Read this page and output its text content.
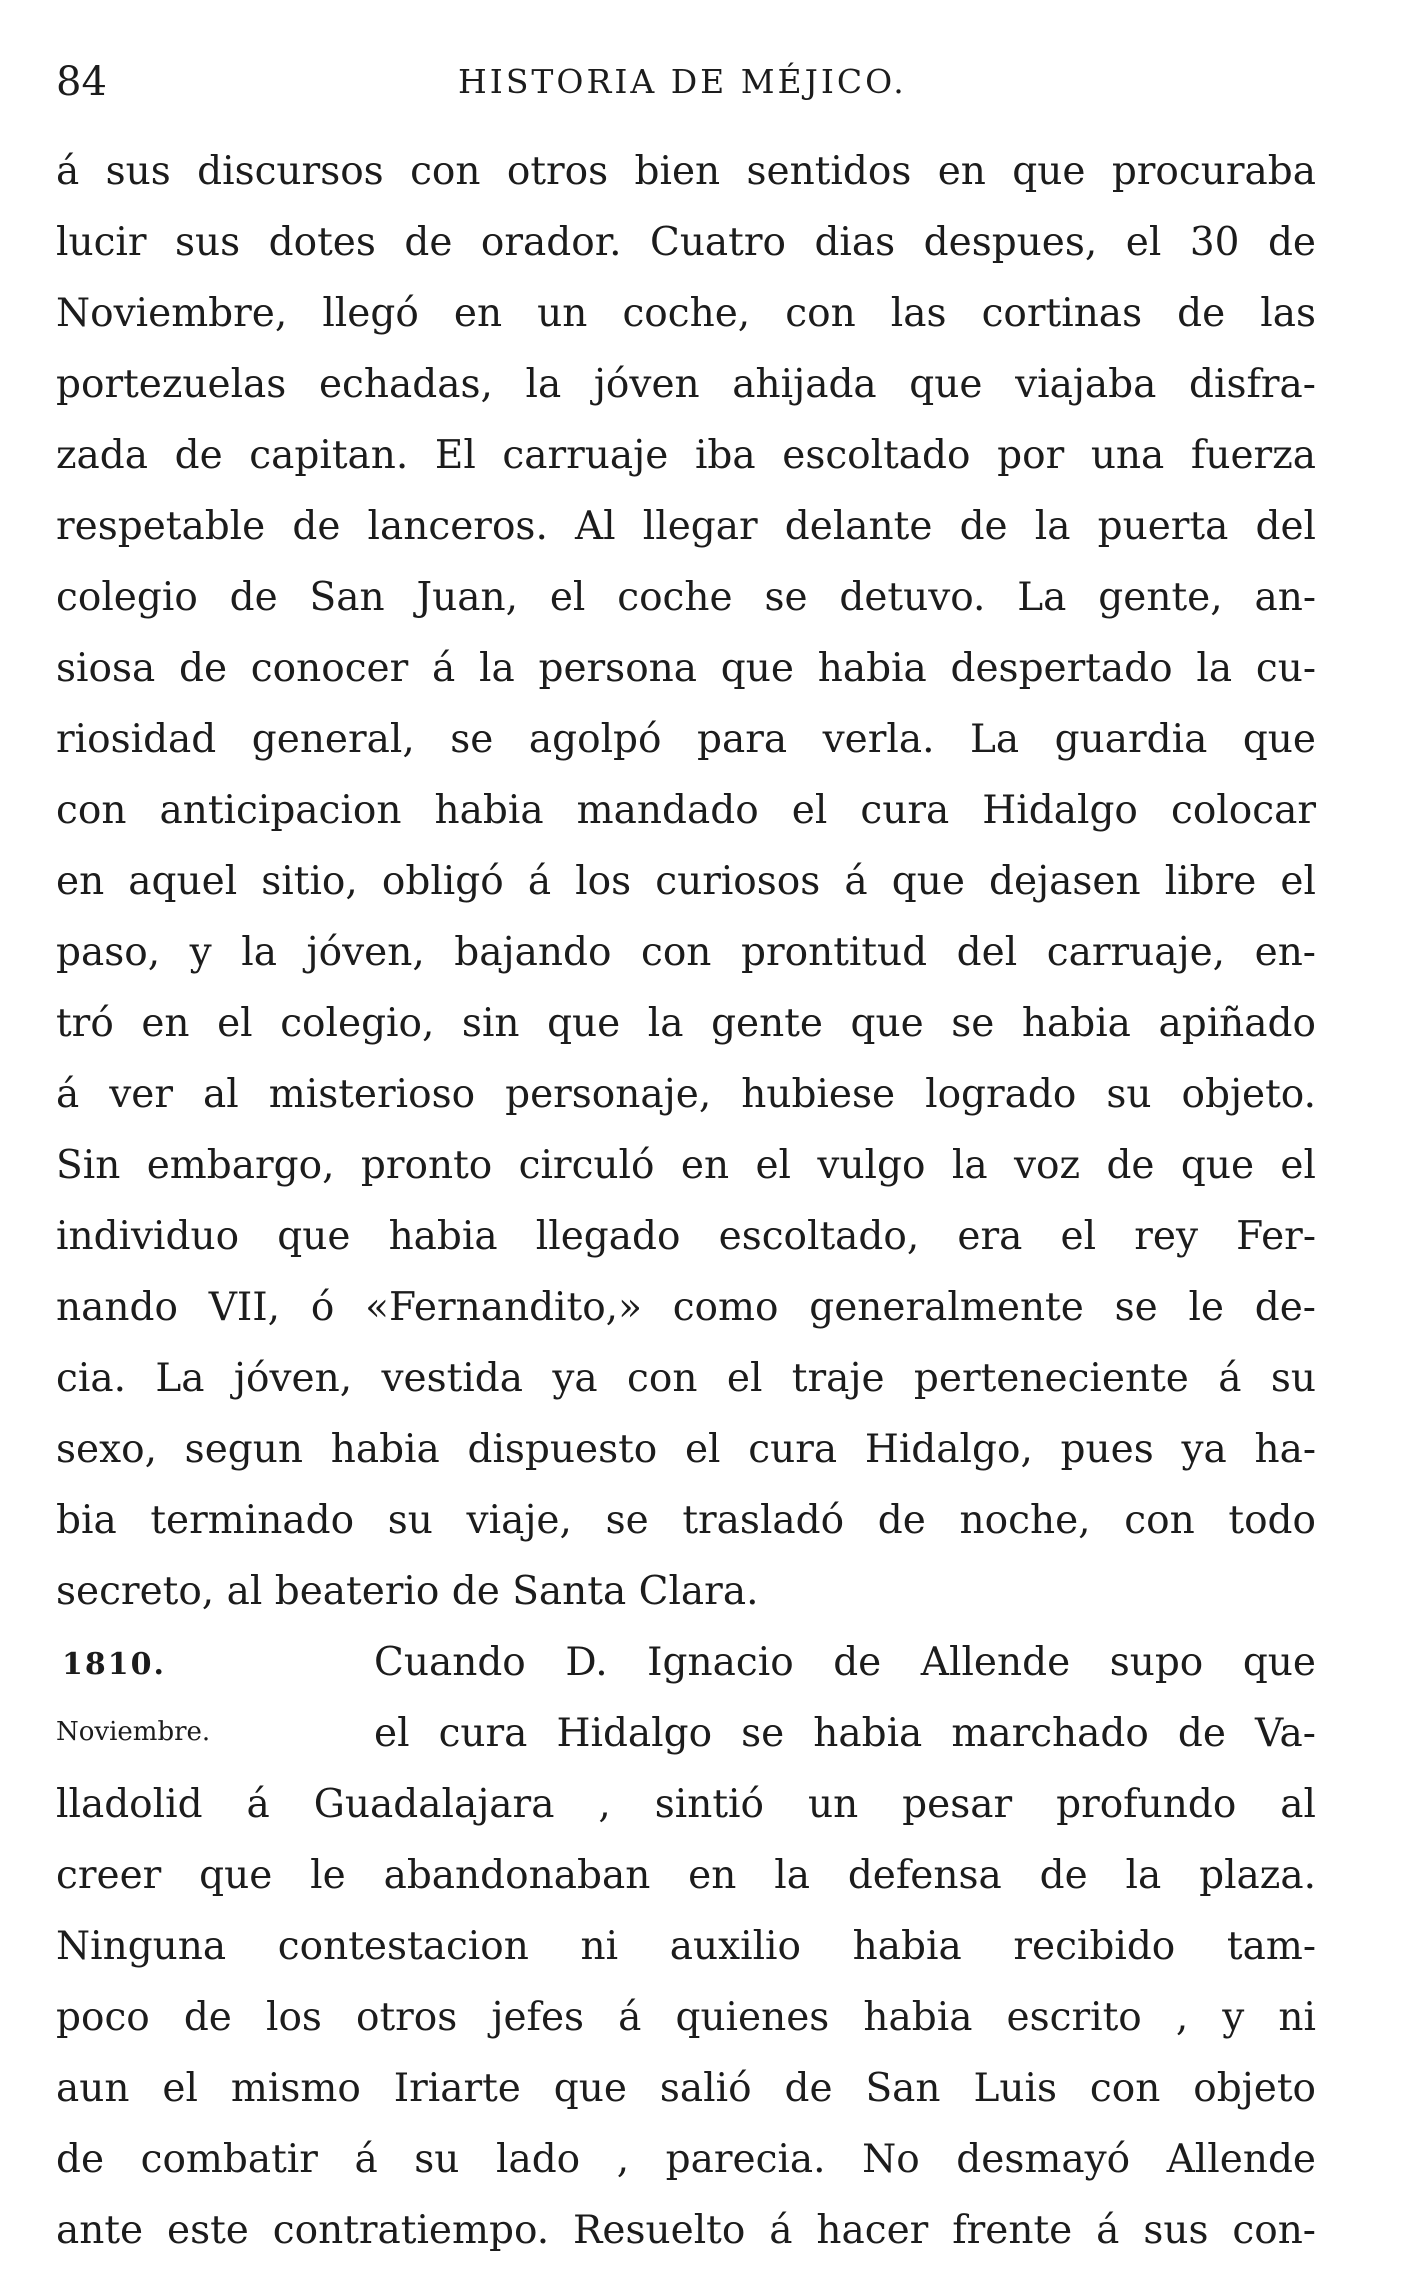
84	HISTORIA DE MÉJICO.
á sus discursos con otros bien sentidos en que procuraba
lucir sus dotes de orador. Cuatro dias despues, el 30 de
Noviembre, llegó en un coche, con las cortinas de las
portezuelas echadas, la jóven ahijada que viajaba disfra-
zada de capitan. El carruaje iba escoltado por una fuerza
respetable de lanceros. Al llegar delante de la puerta del
colegio de San Juan, el coche se detuvo. La gente, an-
siosa de conocer á la persona que habia despertado la cu-
riosidad general, se agolpó para verla. La guardia que
con anticipacion habia mandado el cura Hidalgo colocar
en aquel sitio, obligó á los curiosos á que dejasen libre el
paso, y la jóven, bajando con prontitud del carruaje, en-
tró en el colegio, sin que la gente que se habia apiñado
á ver al misterioso personaje, hubiese logrado su objeto.
Sin embargo, pronto circuló en el vulgo la voz de que el
individuo que habia llegado escoltado, era el rey Fer-
nando VII, ó «Fernandito,» como generalmente se le de-
cia. La jóven, vestida ya con el traje perteneciente á su
sexo, segun habia dispuesto el cura Hidalgo, pues ya ha-
bia terminado su viaje, se trasladó de noche, con todo
secreto, al beaterio de Santa Clara.
1810.	Cuando D. Ignacio de Allende supo que
Noviembre.	el cura Hidalgo se habia marchado de Va-
lladolid á Guadalajara , sintió un pesar profundo al
creer que le abandonaban en la defensa de la plaza.
Ninguna contestacion ni auxilio habia recibido tam-
poco de los otros jefes á quienes habia escrito , y ni
aun el mismo Iriarte que salió de San Luis con objeto
de combatir á su lado , parecia. No desmayó Allende
ante este contratiempo. Resuelto á hacer frente á sus con-
